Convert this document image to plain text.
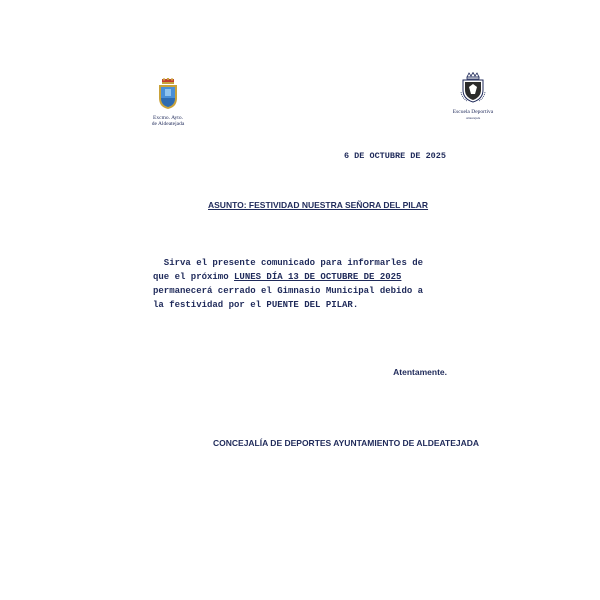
Excmo. Ayto.
de Aldeatejada
Escuela Deportiva
Aldeatejada
6 DE OCTUBRE DE 2025
ASUNTO: FESTIVIDAD NUESTRA SEÑORA DEL PILAR
Sirva el presente comunicado para informarles de
que el próximo LUNES DÍA 13 DE OCTUBRE DE 2025
permanecerá cerrado el Gimnasio Municipal debido a
la festividad por el PUENTE DEL PILAR.
Atentamente.
CONCEJALÍA DE DEPORTES AYUNTAMIENTO DE ALDEATEJADA
